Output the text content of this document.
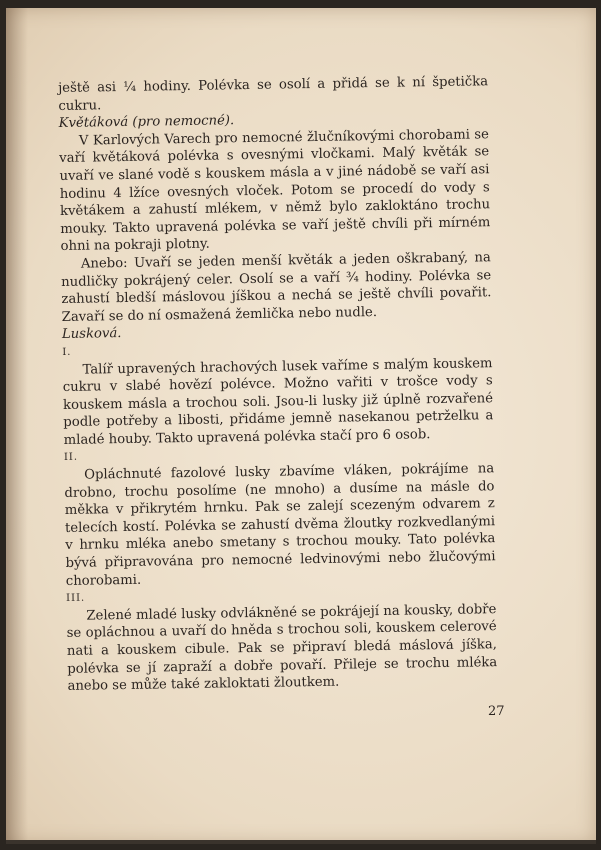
ještě asi ¼ hodiny. Polévka se osolí a přidá se k ní špetička cukru.

Květáková (pro nemocné).

V Karlových Varech pro nemocné žlučníkovými chorobami se vaří květáková polévka s ovesnými vločkami. Malý květák se uvaří ve slané vodě s kouskem másla a v jiné nádobě se vaří asi hodinu 4 lžíce ovesných vloček. Potom se procedí do vody s květákem a zahustí mlékem, v němž bylo zakloktáno trochu mouky. Takto upravená polévka se vaří ještě chvíli při mírném ohni na pokraji plotny.

Anebo: Uvaří se jeden menší květák a jeden oškrabaný, na nudličky pokrájený celer. Osolí se a vaří ¾ hodiny. Polévka se zahustí bledší máslovou jíškou a nechá se ještě chvíli povařit. Zavaří se do ní osmažená žemlička nebo nudle.

Lusková.

I.

Talíř upravených hrachových lusek vaříme s malým kouskem cukru v slabé hovězí polévce. Možno vařiti v trošce vody s kouskem másla a trochou soli. Jsou-li lusky již úplně rozvařené podle potřeby a libosti, přidáme jemně nasekanou petrželku a mladé houby. Takto upravená polévka stačí pro 6 osob.

II.

Opláchnuté fazolové lusky zbavíme vláken, pokrájíme na drobno, trochu posolíme (ne mnoho) a dusíme na másle do měkka v přikrytém hrnku. Pak se zalejí scezeným odvarem z telecích kostí. Polévka se zahustí dvěma žloutky rozkvedlanými v hrnku mléka anebo smetany s trochou mouky. Tato polévka bývá připravována pro nemocné ledvinovými nebo žlučovými chorobami.

III.

Zelené mladé lusky odvlákněné se pokrájejí na kousky, dobře se opláchnou a uvaří do hněda s trochou soli, kouskem celerové nati a kouskem cibule. Pak se připraví bledá máslová jíška, polévka se jí zapraží a dobře povaří. Přileje se trochu mléka anebo se může také zakloktati žloutkem.

27
